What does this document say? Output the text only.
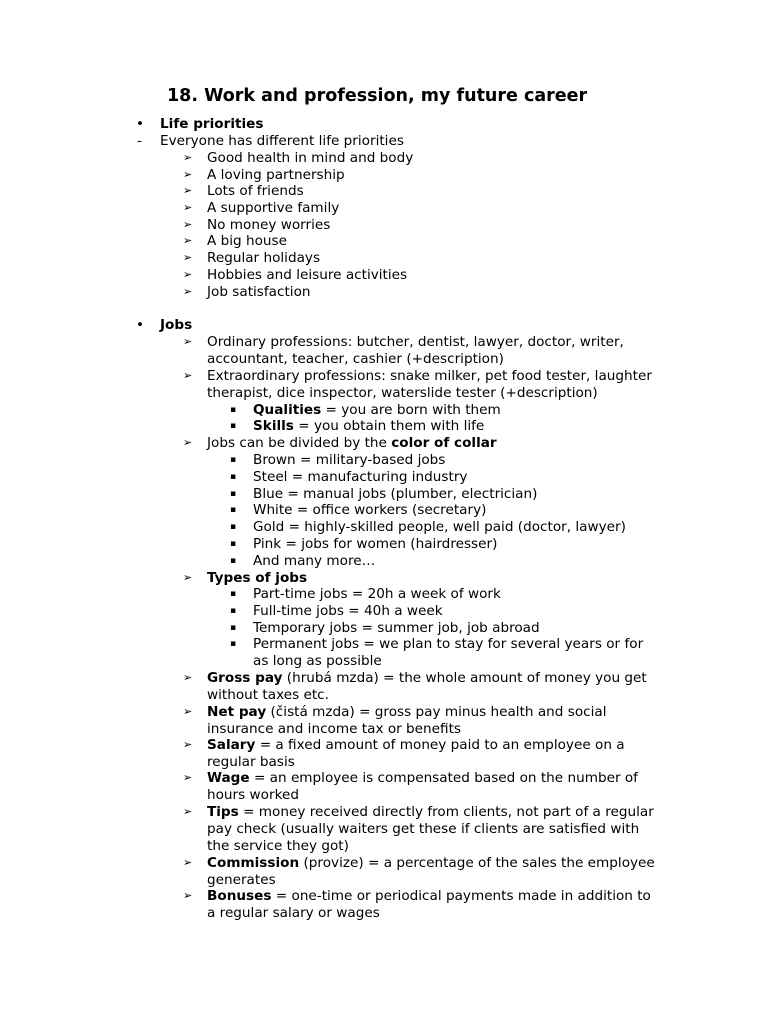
18. Work and profession, my future career
• Life priorities
- Everyone has different life priorities
➢ Good health in mind and body
➢ A loving partnership
➢ Lots of friends
➢ A supportive family
➢ No money worries
➢ A big house
➢ Regular holidays
➢ Hobbies and leisure activities
➢ Job satisfaction
• Jobs
➢ Ordinary professions: butcher, dentist, lawyer, doctor, writer,
accountant, teacher, cashier (+description)
➢ Extraordinary professions: snake milker, pet food tester, laughter
therapist, dice inspector, waterslide tester (+description)
▪ Qualities = you are born with them
▪ Skills = you obtain them with life
➢ Jobs can be divided by the color of collar
▪ Brown = military-based jobs
▪ Steel = manufacturing industry
▪ Blue = manual jobs (plumber, electrician)
▪ White = office workers (secretary)
▪ Gold = highly-skilled people, well paid (doctor, lawyer)
▪ Pink = jobs for women (hairdresser)
▪ And many more…
➢ Types of jobs
▪ Part-time jobs = 20h a week of work
▪ Full-time jobs = 40h a week
▪ Temporary jobs = summer job, job abroad
▪ Permanent jobs = we plan to stay for several years or for
as long as possible
➢ Gross pay (hrubá mzda) = the whole amount of money you get
without taxes etc.
➢ Net pay (čistá mzda) = gross pay minus health and social
insurance and income tax or benefits
➢ Salary = a fixed amount of money paid to an employee on a
regular basis
➢ Wage = an employee is compensated based on the number of
hours worked
➢ Tips = money received directly from clients, not part of a regular
pay check (usually waiters get these if clients are satisfied with
the service they got)
➢ Commission (provize) = a percentage of the sales the employee
generates
➢ Bonuses = one-time or periodical payments made in addition to
a regular salary or wages
